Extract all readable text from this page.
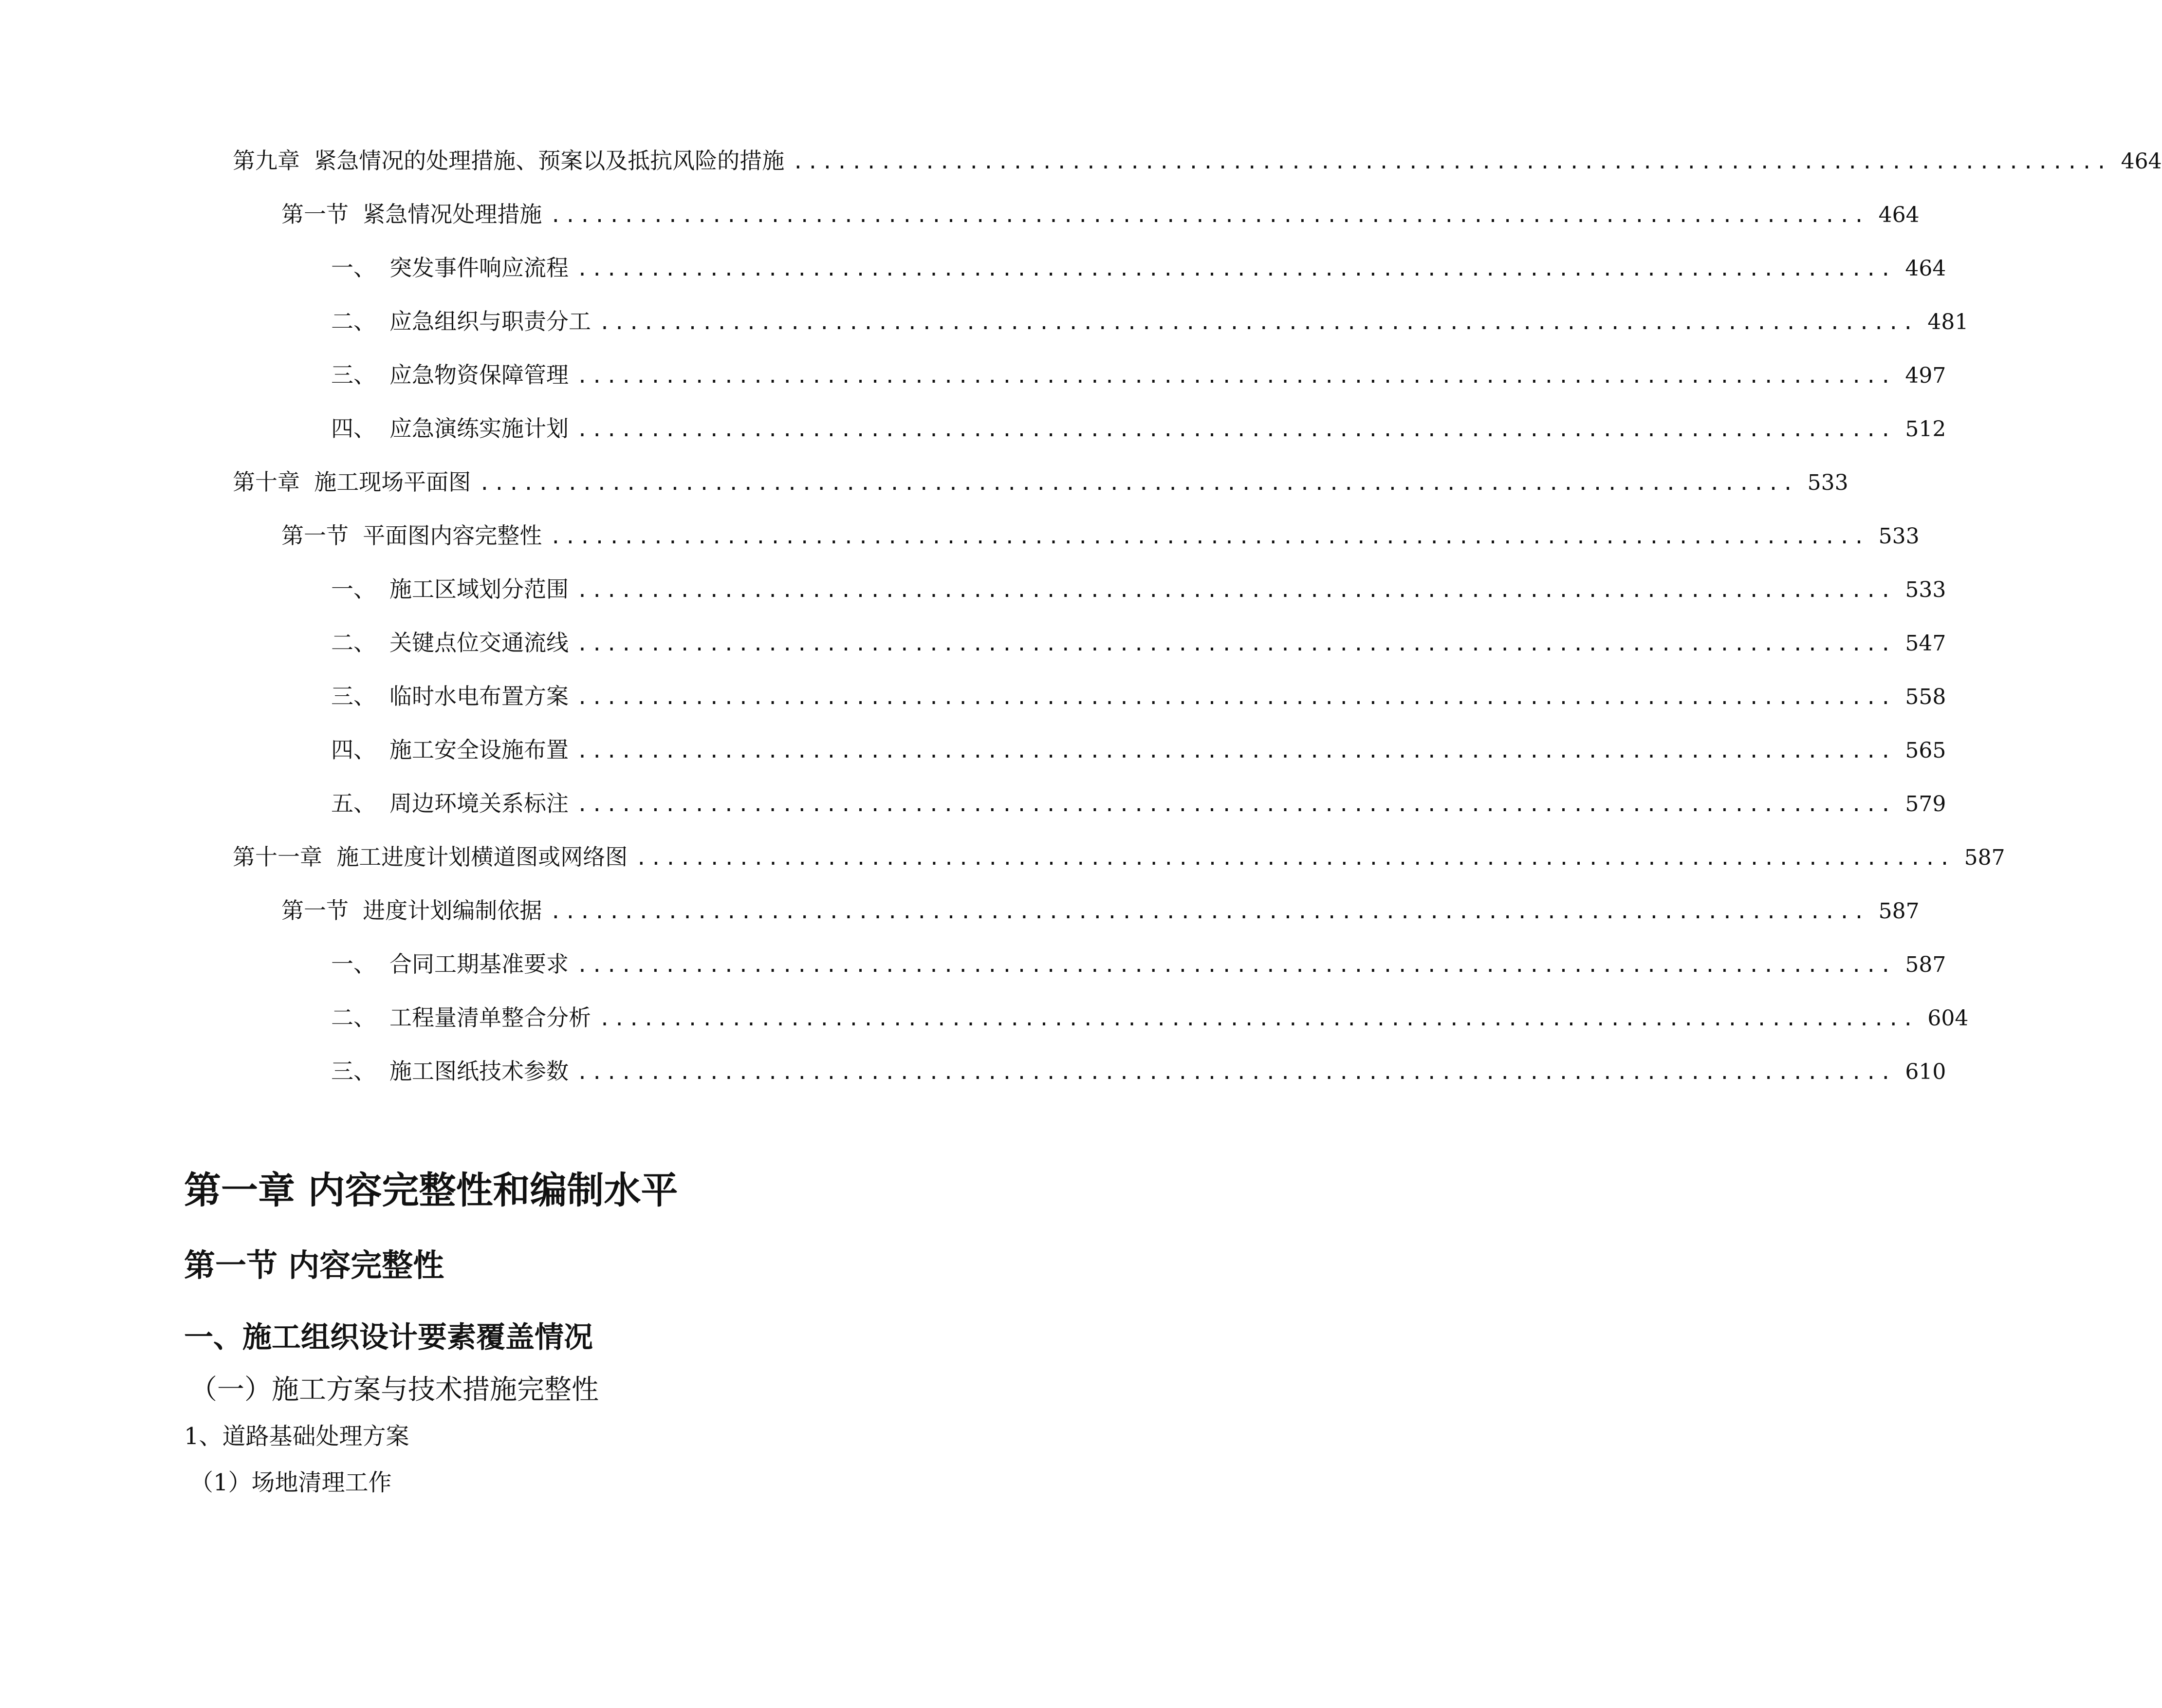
第九章 紧急情况的处理措施、预案以及抵抗风险的措施 .......................................................................................... 464
第一节 紧急情况处理措施 .......................................................................................... 464
一、 突发事件响应流程 .......................................................................................... 464
二、 应急组织与职责分工 .......................................................................................... 481
三、 应急物资保障管理 .......................................................................................... 497
四、 应急演练实施计划 .......................................................................................... 512
第十章 施工现场平面图 .......................................................................................... 533
第一节 平面图内容完整性 .......................................................................................... 533
一、 施工区域划分范围 .......................................................................................... 533
二、 关键点位交通流线 .......................................................................................... 547
三、 临时水电布置方案 .......................................................................................... 558
四、 施工安全设施布置 .......................................................................................... 565
五、 周边环境关系标注 .......................................................................................... 579
第十一章 施工进度计划横道图或网络图 .......................................................................................... 587
第一节 进度计划编制依据 .......................................................................................... 587
一、 合同工期基准要求 .......................................................................................... 587
二、 工程量清单整合分析 .......................................................................................... 604
三、 施工图纸技术参数 .......................................................................................... 610
第一章 内容完整性和编制水平
第一节 内容完整性
一、施工组织设计要素覆盖情况
（一）施工方案与技术措施完整性
1、道路基础处理方案
（1）场地清理工作
